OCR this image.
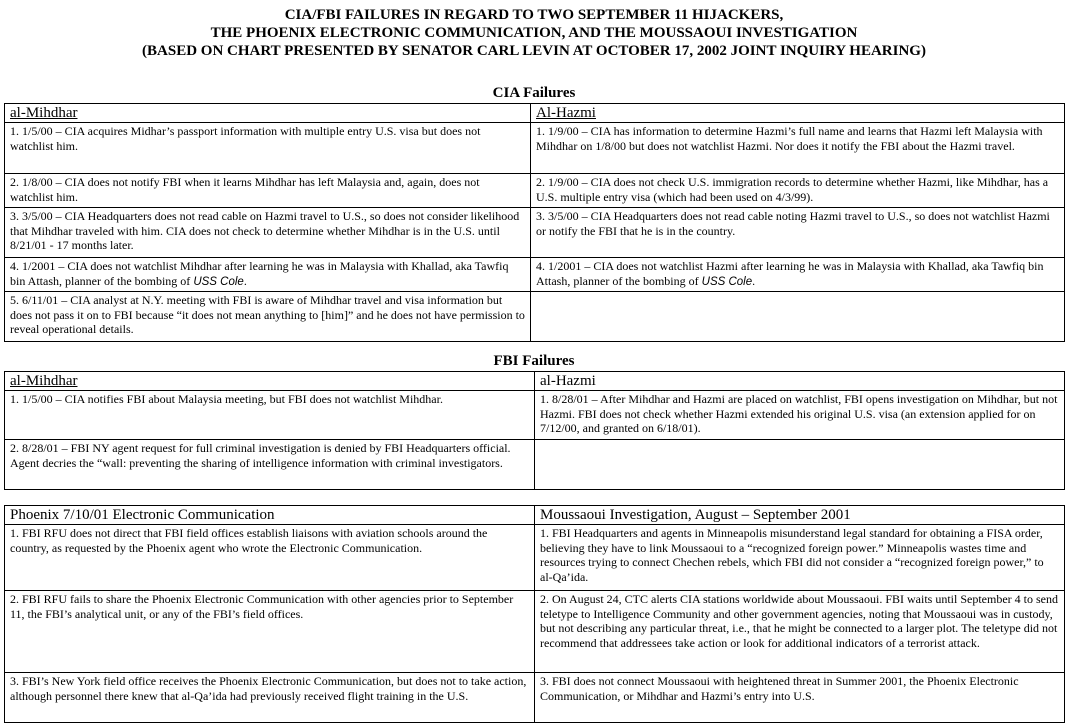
CIA/FBI FAILURES IN REGARD TO TWO SEPTEMBER 11 HIJACKERS,
THE PHOENIX ELECTRONIC COMMUNICATION, AND THE MOUSSAOUI INVESTIGATION
(BASED ON CHART PRESENTED BY SENATOR CARL LEVIN AT OCTOBER 17, 2002 JOINT INQUIRY HEARING)
CIA Failures
al-Mihdhar	Al-Hazmi
1. 1/5/00 – CIA acquires Midhar’s passport information with multiple entry U.S. visa but does not watchlist him.	1. 1/9/00 – CIA has information to determine Hazmi’s full name and learns that Hazmi left Malaysia with Mihdhar on 1/8/00 but does not watchlist Hazmi. Nor does it notify the FBI about the Hazmi travel.
2. 1/8/00 – CIA does not notify FBI when it learns Mihdhar has left Malaysia and, again, does not watchlist him.	2. 1/9/00 – CIA does not check U.S. immigration records to determine whether Hazmi, like Mihdhar, has a U.S. multiple entry visa (which had been used on 4/3/99).
3. 3/5/00 – CIA Headquarters does not read cable on Hazmi travel to U.S., so does not consider likelihood that Mihdhar traveled with him. CIA does not check to determine whether Mihdhar is in the U.S. until 8/21/01 - 17 months later.	3. 3/5/00 – CIA Headquarters does not read cable noting Hazmi travel to U.S., so does not watchlist Hazmi or notify the FBI that he is in the country.
4. 1/2001 – CIA does not watchlist Mihdhar after learning he was in Malaysia with Khallad, aka Tawfiq bin Attash, planner of the bombing of USS Cole.	4. 1/2001 – CIA does not watchlist Hazmi after learning he was in Malaysia with Khallad, aka Tawfiq bin Attash, planner of the bombing of USS Cole.
5. 6/11/01 – CIA analyst at N.Y. meeting with FBI is aware of Mihdhar travel and visa information but does not pass it on to FBI because “it does not mean anything to [him]” and he does not have permission to reveal operational details.	
FBI Failures
al-Mihdhar	al-Hazmi
1. 1/5/00 – CIA notifies FBI about Malaysia meeting, but FBI does not watchlist Mihdhar.	1. 8/28/01 – After Mihdhar and Hazmi are placed on watchlist, FBI opens investigation on Mihdhar, but not Hazmi. FBI does not check whether Hazmi extended his original U.S. visa (an extension applied for on 7/12/00, and granted on 6/18/01).
2. 8/28/01 – FBI NY agent request for full criminal investigation is denied by FBI Headquarters official. Agent decries the “wall: preventing the sharing of intelligence information with criminal investigators.	
Phoenix 7/10/01 Electronic Communication	Moussaoui Investigation, August – September 2001
1. FBI RFU does not direct that FBI field offices establish liaisons with aviation schools around the country, as requested by the Phoenix agent who wrote the Electronic Communication.	1. FBI Headquarters and agents in Minneapolis misunderstand legal standard for obtaining a FISA order, believing they have to link Moussaoui to a “recognized foreign power.” Minneapolis wastes time and resources trying to connect Chechen rebels, which FBI did not consider a “recognized foreign power,” to al-Qa’ida.
2. FBI RFU fails to share the Phoenix Electronic Communication with other agencies prior to September 11, the FBI’s analytical unit, or any of the FBI’s field offices.	2. On August 24, CTC alerts CIA stations worldwide about Moussaoui. FBI waits until September 4 to send teletype to Intelligence Community and other government agencies, noting that Moussaoui was in custody, but not describing any particular threat, i.e., that he might be connected to a larger plot. The teletype did not recommend that addressees take action or look for additional indicators of a terrorist attack.
3. FBI’s New York field office receives the Phoenix Electronic Communication, but does not to take action, although personnel there knew that al-Qa’ida had previously received flight training in the U.S.	3. FBI does not connect Moussaoui with heightened threat in Summer 2001, the Phoenix Electronic Communication, or Mihdhar and Hazmi’s entry into U.S.
